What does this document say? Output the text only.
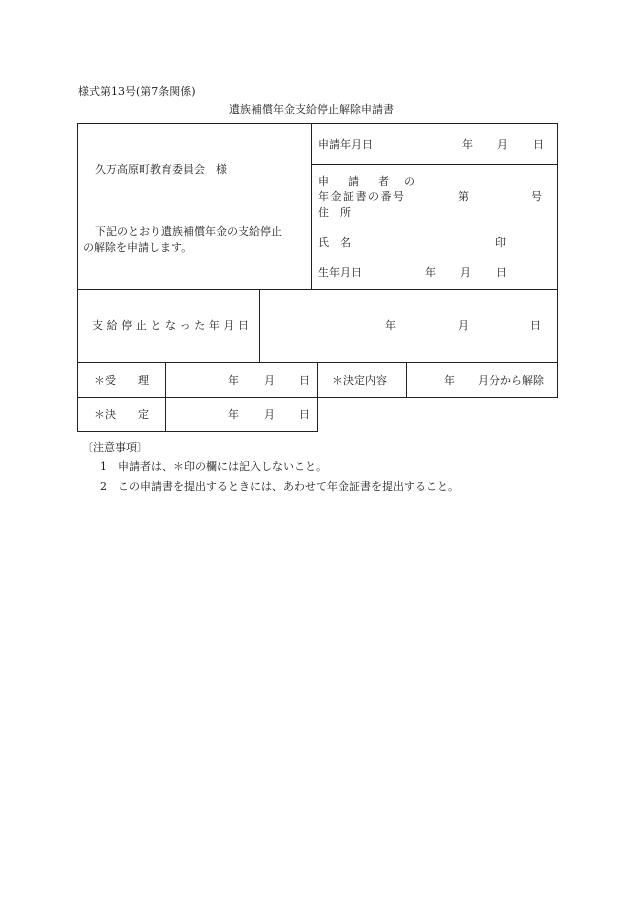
様式第13号(第7条関係)
遺族補償年金支給停止解除申請書
久万高原町教育委員会　様
下記のとおり遺族補償年金の支給停止
の解除を申請します。
申請年月日	年 月 日
申 請 者 の
年金証書の番号	第	号
住　所
氏　名	印
生年月日	年 月 日
支給停止となった年月日	年	月	日
＊受　　理	年 月 日 ＊決定内容	年 月分から解除
＊決　　定	年 月 日
〔注意事項〕
1　申請者は、＊印の欄には記入しないこと。
2　この申請書を提出するときには、あわせて年金証書を提出すること。
